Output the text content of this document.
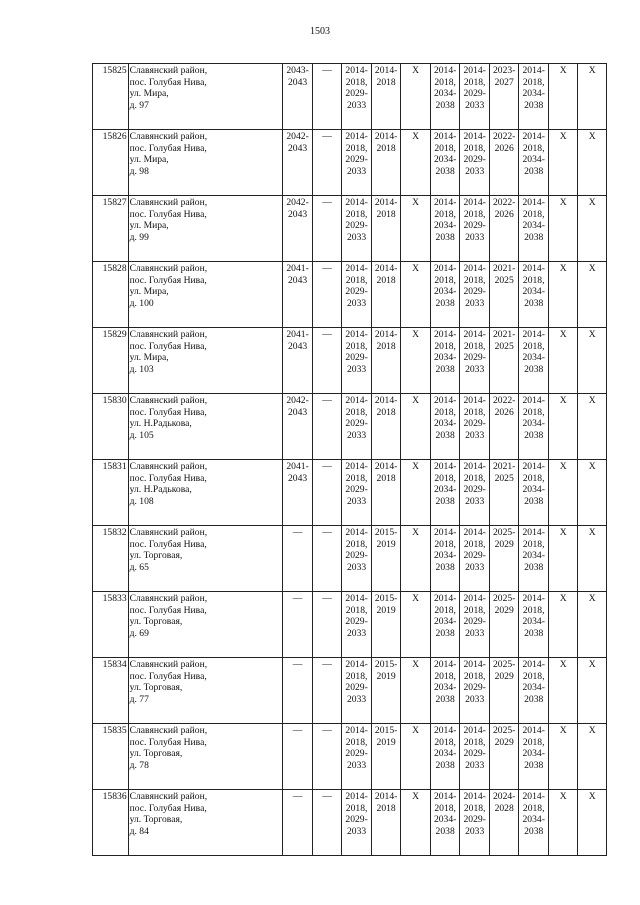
1503
15825	Славянский район,
пос. Голубая Нива,
ул. Мира,
д. 97	2043-
2043	—	2014-
2018,
2029-
2033	2014-
2018	X	2014-
2018,
2034-
2038	2014-
2018,
2029-
2033	2023-
2027	2014-
2018,
2034-
2038	X	X

15826	Славянский район,
пос. Голубая Нива,
ул. Мира,
д. 98	2042-
2043	—	2014-
2018,
2029-
2033	2014-
2018	X	2014-
2018,
2034-
2038	2014-
2018,
2029-
2033	2022-
2026	2014-
2018,
2034-
2038	X	X

15827	Славянский район,
пос. Голубая Нива,
ул. Мира,
д. 99	2042-
2043	—	2014-
2018,
2029-
2033	2014-
2018	X	2014-
2018,
2034-
2038	2014-
2018,
2029-
2033	2022-
2026	2014-
2018,
2034-
2038	X	X

15828	Славянский район,
пос. Голубая Нива,
ул. Мира,
д. 100	2041-
2043	—	2014-
2018,
2029-
2033	2014-
2018	X	2014-
2018,
2034-
2038	2014-
2018,
2029-
2033	2021-
2025	2014-
2018,
2034-
2038	X	X

15829	Славянский район,
пос. Голубая Нива,
ул. Мира,
д. 103	2041-
2043	—	2014-
2018,
2029-
2033	2014-
2018	X	2014-
2018,
2034-
2038	2014-
2018,
2029-
2033	2021-
2025	2014-
2018,
2034-
2038	X	X

15830	Славянский район,
пос. Голубая Нива,
ул. Н.Радькова,
д. 105	2042-
2043	—	2014-
2018,
2029-
2033	2014-
2018	X	2014-
2018,
2034-
2038	2014-
2018,
2029-
2033	2022-
2026	2014-
2018,
2034-
2038	X	X

15831	Славянский район,
пос. Голубая Нива,
ул. Н.Радькова,
д. 108	2041-
2043	—	2014-
2018,
2029-
2033	2014-
2018	X	2014-
2018,
2034-
2038	2014-
2018,
2029-
2033	2021-
2025	2014-
2018,
2034-
2038	X	X

15832	Славянский район,
пос. Голубая Нива,
ул. Торговая,
д. 65	—	—	2014-
2018,
2029-
2033	2015-
2019	X	2014-
2018,
2034-
2038	2014-
2018,
2029-
2033	2025-
2029	2014-
2018,
2034-
2038	X	X

15833	Славянский район,
пос. Голубая Нива,
ул. Торговая,
д. 69	—	—	2014-
2018,
2029-
2033	2015-
2019	X	2014-
2018,
2034-
2038	2014-
2018,
2029-
2033	2025-
2029	2014-
2018,
2034-
2038	X	X

15834	Славянский район,
пос. Голубая Нива,
ул. Торговая,
д. 77	—	—	2014-
2018,
2029-
2033	2015-
2019	X	2014-
2018,
2034-
2038	2014-
2018,
2029-
2033	2025-
2029	2014-
2018,
2034-
2038	X	X

15835	Славянский район,
пос. Голубая Нива,
ул. Торговая,
д. 78	—	—	2014-
2018,
2029-
2033	2015-
2019	X	2014-
2018,
2034-
2038	2014-
2018,
2029-
2033	2025-
2029	2014-
2018,
2034-
2038	X	X

15836	Славянский район,
пос. Голубая Нива,
ул. Торговая,
д. 84	—	—	2014-
2018,
2029-
2033	2014-
2018	X	2014-
2018,
2034-
2038	2014-
2018,
2029-
2033	2024-
2028	2014-
2018,
2034-
2038	X	X
